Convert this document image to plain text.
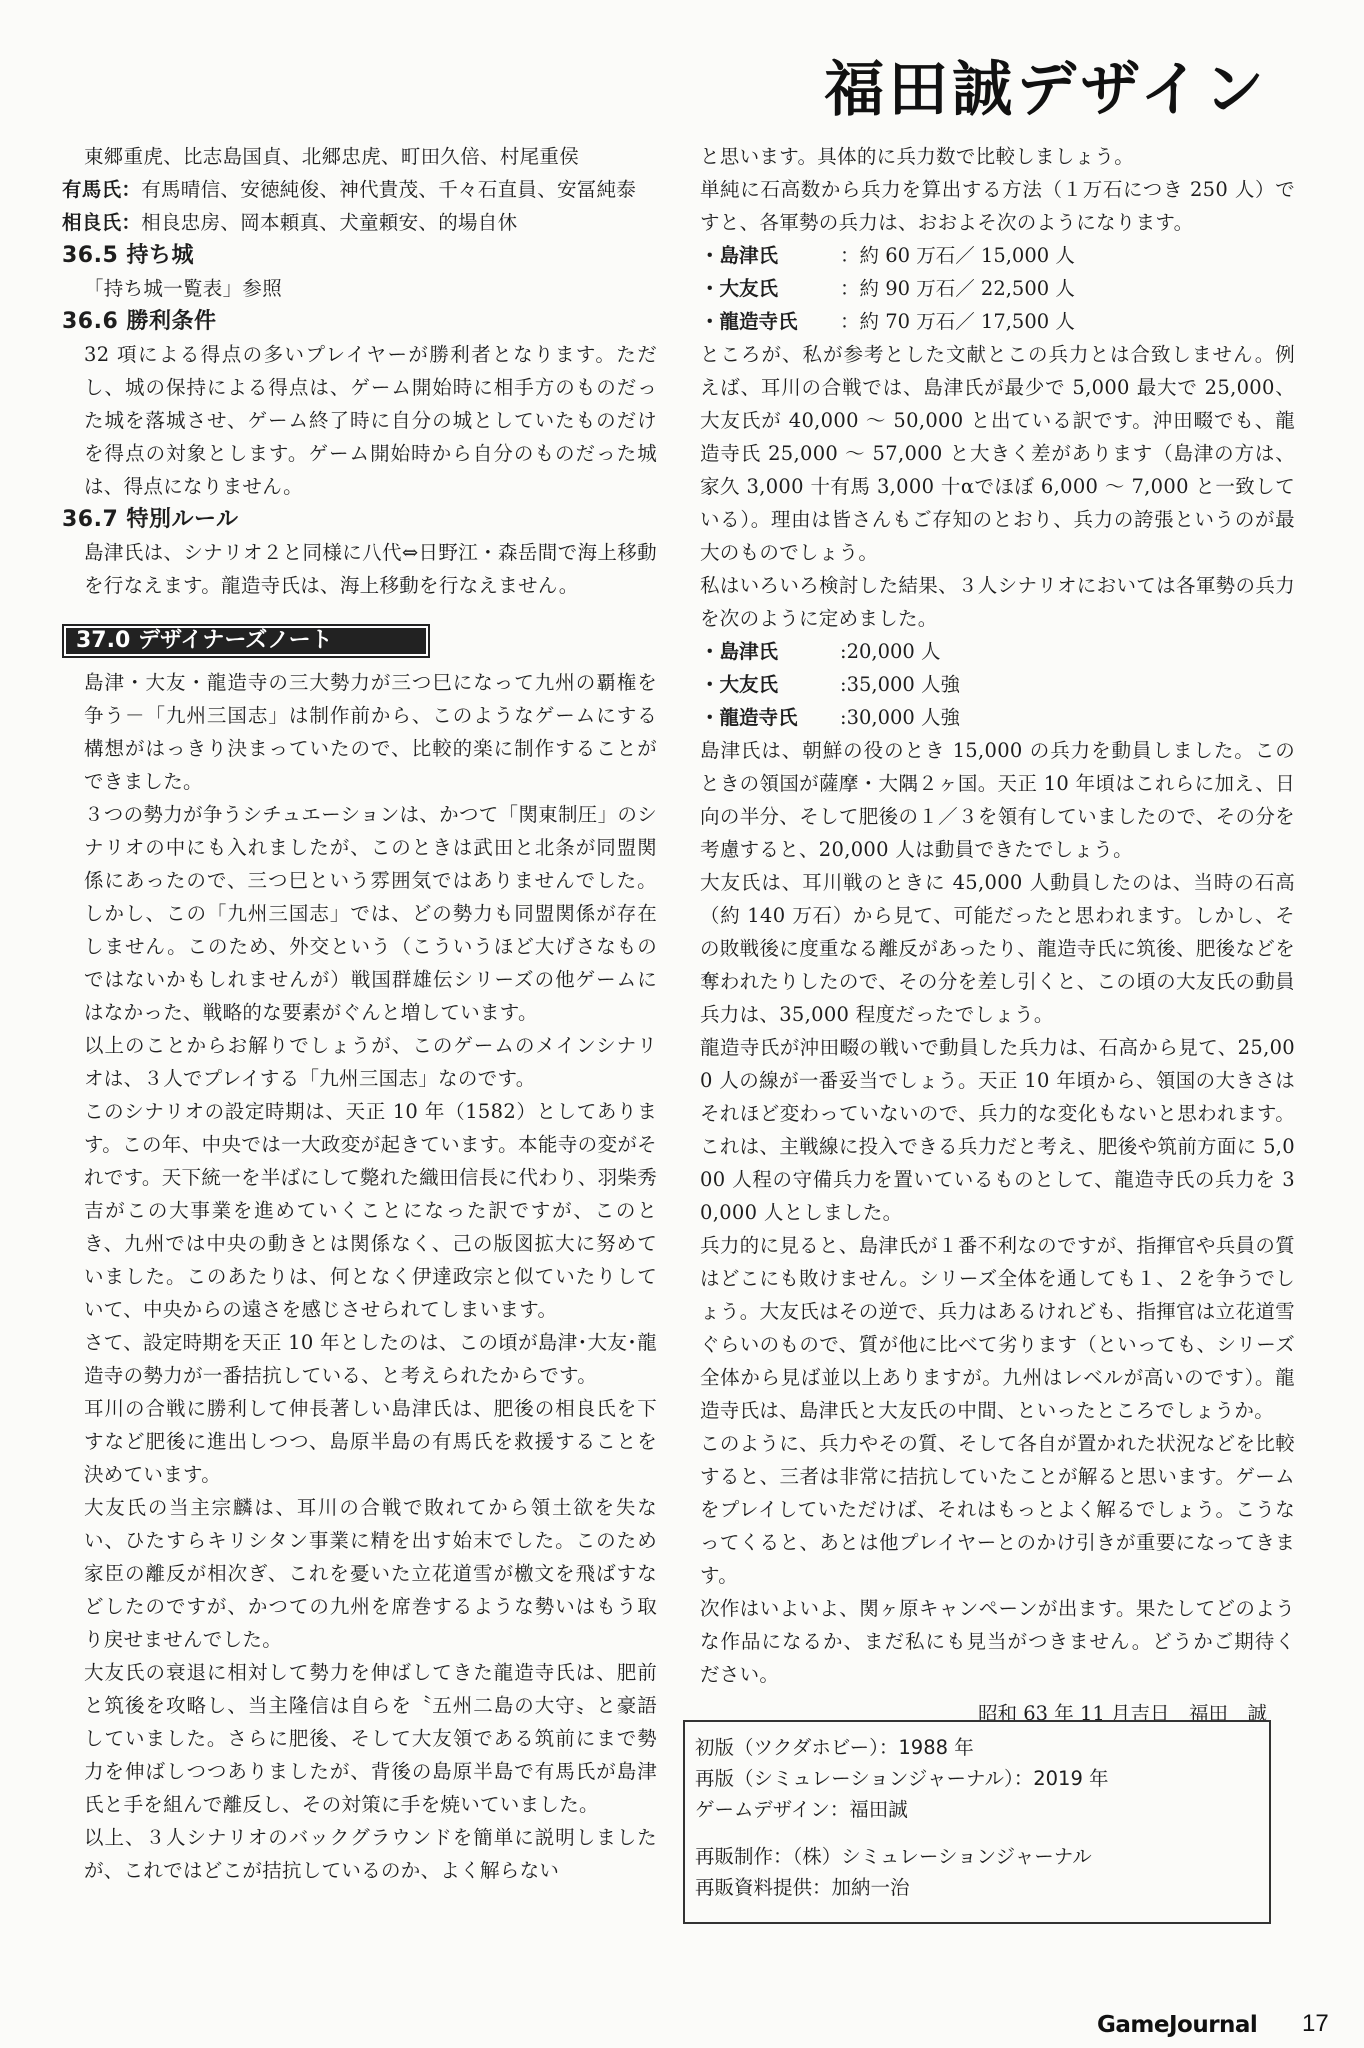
福田誠デザイン

東郷重虎、比志島国貞、北郷忠虎、町田久倍、村尾重侯

有馬氏：有馬晴信、安徳純俊、神代貴茂、千々石直員、安冨純泰

相良氏：相良忠房、岡本頼真、犬童頼安、的場自休

36.5 持ち城

「持ち城一覧表」参照

36.6 勝利条件

32 項による得点の多いプレイヤーが勝利者となります。ただし、城の保持による得点は、ゲーム開始時に相手方のものだった城を落城させ、ゲーム終了時に自分の城としていたものだけを得点の対象とします。ゲーム開始時から自分のものだった城は、得点になりません。

36.7 特別ルール

島津氏は、シナリオ２と同様に八代⇔日野江・森岳間で海上移動を行なえます。龍造寺氏は、海上移動を行なえません。

37.0 デザイナーズノート

島津・大友・龍造寺の三大勢力が三つ巳になって九州の覇権を争う－「九州三国志」は制作前から、このようなゲームにする構想がはっきり決まっていたので、比較的楽に制作することができました。

３つの勢力が争うシチュエーションは、かつて「関東制圧」のシナリオの中にも入れましたが、このときは武田と北条が同盟関係にあったので、三つ巳という雰囲気ではありませんでした。しかし、この「九州三国志」では、どの勢力も同盟関係が存在しません。このため、外交という（こういうほど大げさなものではないかもしれませんが）戦国群雄伝シリーズの他ゲームにはなかった、戦略的な要素がぐんと増しています。

以上のことからお解りでしょうが、このゲームのメインシナリオは、３人でプレイする「九州三国志」なのです。

このシナリオの設定時期は、天正 10 年（1582）としてあります。この年、中央では一大政変が起きています。本能寺の変がそれです。天下統一を半ばにして斃れた織田信長に代わり、羽柴秀吉がこの大事業を進めていくことになった訳ですが、このとき、九州では中央の動きとは関係なく、己の版図拡大に努めていました。このあたりは、何となく伊達政宗と似ていたりしていて、中央からの遠さを感じさせられてしまいます。

さて、設定時期を天正 10 年としたのは、この頃が島津･大友･龍造寺の勢力が一番拮抗している、と考えられたからです。

耳川の合戦に勝利して伸長著しい島津氏は、肥後の相良氏を下すなど肥後に進出しつつ、島原半島の有馬氏を救援することを決めています。

大友氏の当主宗麟は、耳川の合戦で敗れてから領土欲を失ない、ひたすらキリシタン事業に精を出す始末でした。このため家臣の離反が相次ぎ、これを憂いた立花道雪が檄文を飛ばすなどしたのですが、かつての九州を席巻するような勢いはもう取り戻せませんでした。

大友氏の衰退に相対して勢力を伸ばしてきた龍造寺氏は、肥前と筑後を攻略し、当主隆信は自らを〝五州二島の大守〟と豪語していました。さらに肥後、そして大友領である筑前にまで勢力を伸ばしつつありましたが、背後の島原半島で有馬氏が島津氏と手を組んで離反し、その対策に手を焼いていました。

以上、３人シナリオのバックグラウンドを簡単に説明しましたが、これではどこが拮抗しているのか、よく解らない

と思います。具体的に兵力数で比較しましょう。

単純に石高数から兵力を算出する方法（１万石につき 250 人）ですと、各軍勢の兵力は、おおよそ次のようになります。

・島津氏	：約 60 万石／ 15,000 人
・大友氏	：約 90 万石／ 22,500 人
・龍造寺氏	：約 70 万石／ 17,500 人

ところが、私が参考とした文献とこの兵力とは合致しません。例えば、耳川の合戦では、島津氏が最少で 5,000 最大で 25,000、大友氏が 40,000 ～ 50,000 と出ている訳です。沖田畷でも、龍造寺氏 25,000 ～ 57,000 と大きく差があります（島津の方は、家久 3,000 十有馬 3,000 十αでほぼ 6,000 ～ 7,000 と一致している）。理由は皆さんもご存知のとおり、兵力の誇張というのが最大のものでしょう。

私はいろいろ検討した結果、３人シナリオにおいては各軍勢の兵力を次のように定めました。

・島津氏	:20,000 人
・大友氏	:35,000 人強
・龍造寺氏	:30,000 人強

島津氏は、朝鮮の役のとき 15,000 の兵力を動員しました。このときの領国が薩摩・大隅２ヶ国。天正 10 年頃はこれらに加え、日向の半分、そして肥後の１／３を領有していましたので、その分を考慮すると、20,000 人は動員できたでしょう。

大友氏は、耳川戦のときに 45,000 人動員したのは、当時の石高（約 140 万石）から見て、可能だったと思われます。しかし、その敗戦後に度重なる離反があったり、龍造寺氏に筑後、肥後などを奪われたりしたので、その分を差し引くと、この頃の大友氏の動員兵力は、35,000 程度だったでしょう。

龍造寺氏が沖田畷の戦いで動員した兵力は、石高から見て、25,000 人の線が一番妥当でしょう。天正 10 年頃から、領国の大きさはそれほど変わっていないので、兵力的な変化もないと思われます。これは、主戦線に投入できる兵力だと考え、肥後や筑前方面に 5,000 人程の守備兵力を置いているものとして、龍造寺氏の兵力を 30,000 人としました。

兵力的に見ると、島津氏が１番不利なのですが、指揮官や兵員の質はどこにも敗けません。シリーズ全体を通しても１、２を争うでしょう。大友氏はその逆で、兵力はあるけれども、指揮官は立花道雪ぐらいのもので、質が他に比べて劣ります（といっても、シリーズ全体から見ば並以上ありますが。九州はレベルが高いのです）。龍造寺氏は、島津氏と大友氏の中間、といったところでしょうか。

このように、兵力やその質、そして各自が置かれた状況などを比較すると、三者は非常に拮抗していたことが解ると思います。ゲームをプレイしていただけば、それはもっとよく解るでしょう。こうなってくると、あとは他プレイヤーとのかけ引きが重要になってきます。

次作はいよいよ、関ヶ原キャンペーンが出ます。果たしてどのような作品になるか、まだ私にも見当がつきません。どうかご期待ください。

昭和 63 年 11 月吉日　福田　誠

初版（ツクダホビー）：1988 年
再版（シミュレーションジャーナル）：2019 年
ゲームデザイン：福田誠
再販制作：（株）シミュレーションジャーナル
再販資料提供：加納一治
GameJournal 17
